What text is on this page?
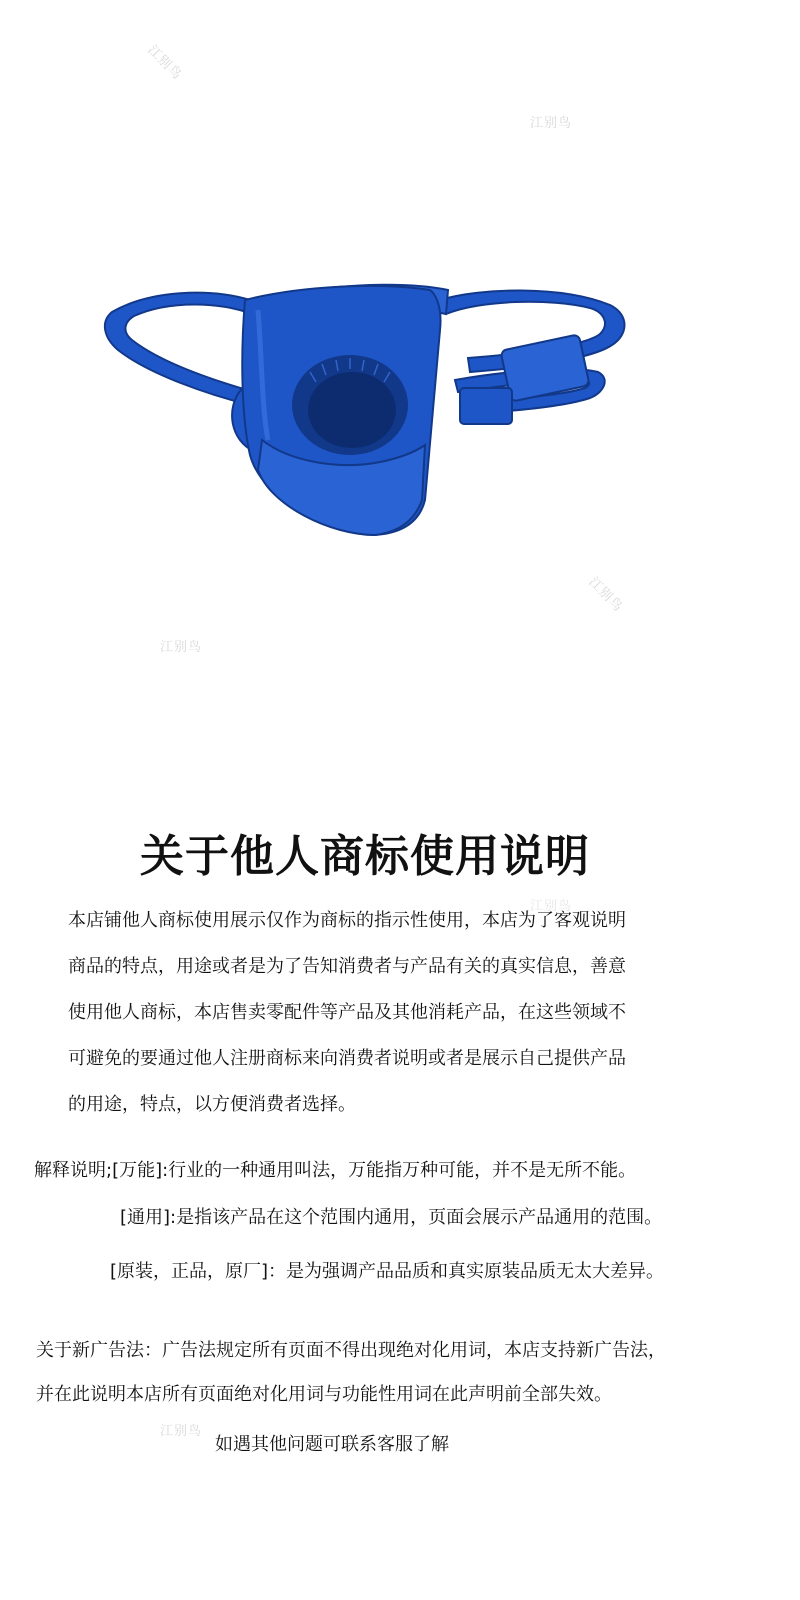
江别鸟
江别鸟
江别鸟
江别鸟
江别鸟
江别鸟
关于他人商标使用说明

本店铺他人商标使用展示仅作为商标的指示性使用，本店为了客观说明

商品的特点，用途或者是为了告知消费者与产品有关的真实信息，善意

使用他人商标，本店售卖零配件等产品及其他消耗产品，在这些领域不

可避免的要通过他人注册商标来向消费者说明或者是展示自己提供产品

的用途，特点，以方便消费者选择。

解释说明;[万能]:行业的一种通用叫法，万能指万种可能，并不是无所不能。

[通用]:是指该产品在这个范围内通用，页面会展示产品通用的范围。

[原装，正品，原厂]：是为强调产品品质和真实原装品质无太大差异。

关于新广告法：广告法规定所有页面不得出现绝对化用词，本店支持新广告法，

并在此说明本店所有页面绝对化用词与功能性用词在此声明前全部失效。

如遇其他问题可联系客服了解
